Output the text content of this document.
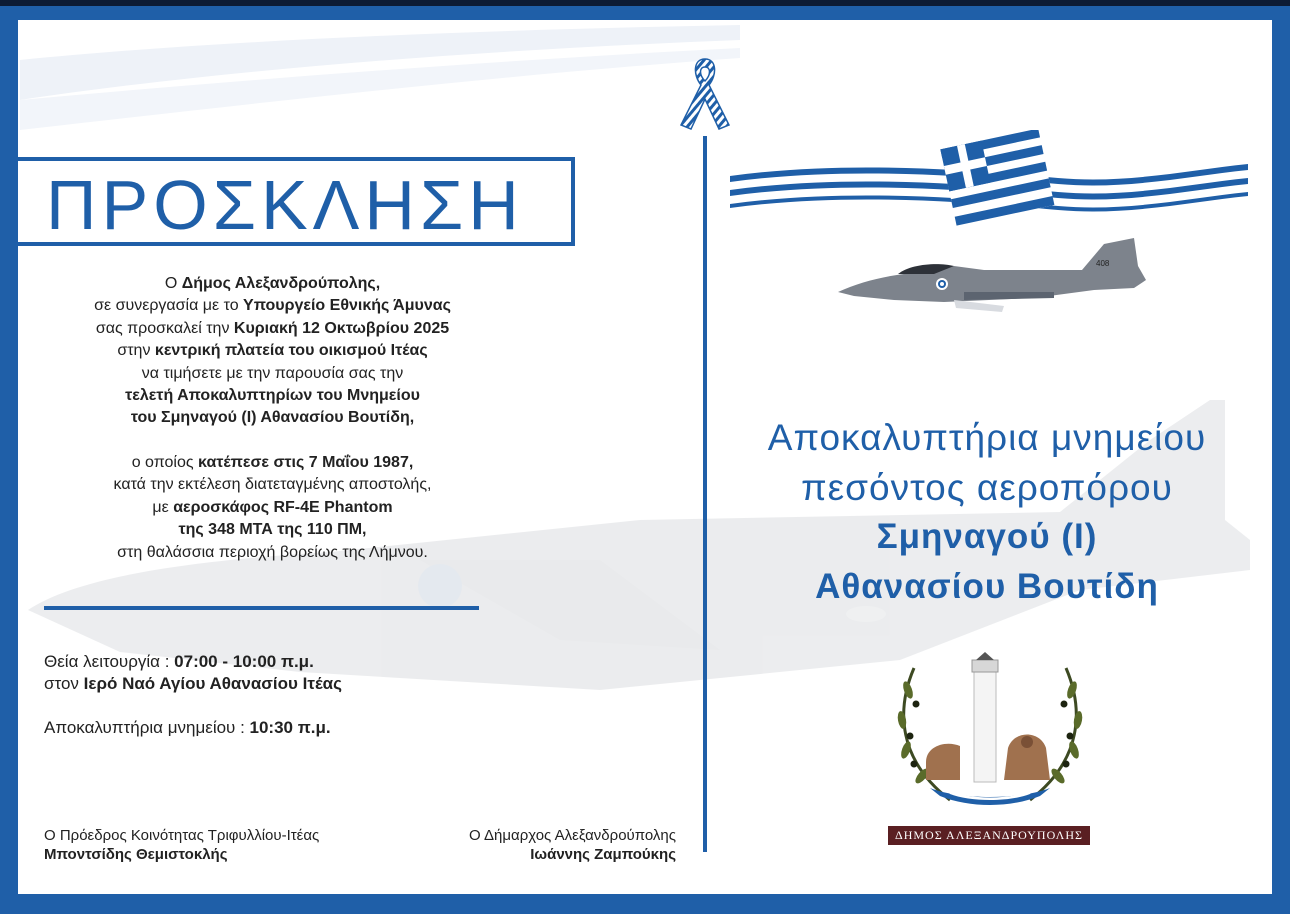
ΠΡΟΣΚΛΗΣΗ
Ο Δήμος Αλεξανδρούπολης,
σε συνεργασία με το Υπουργείο Εθνικής Άμυνας
σας προσκαλεί την Κυριακή 12 Οκτωβρίου 2025
στην κεντρική πλατεία του οικισμού Ιτέας
να τιμήσετε με την παρουσία σας την
τελετή Αποκαλυπτηρίων του Μνημείου
του Σμηναγού (Ι) Αθανασίου Βουτίδη,
ο οποίος κατέπεσε στις 7 Μαΐου 1987,
κατά την εκτέλεση διατεταγμένης αποστολής,
με αεροσκάφος RF-4E Phantom
της 348 ΜΤΑ της 110 ΠΜ,
στη θαλάσσια περιοχή βορείως της Λήμνου.
Θεία λειτουργία : 07:00 - 10:00 π.μ.
στον Ιερό Ναό Αγίου Αθανασίου Ιτέας
Αποκαλυπτήρια μνημείου : 10:30 π.μ.
Ο Πρόεδρος Κοινότητας Τριφυλλίου-Ιτέας
Μποντσίδης Θεμιστοκλής
Ο Δήμαρχος Αλεξανδρούπολης
Ιωάννης Ζαμπούκης
408
Αποκαλυπτήρια μνημείου
πεσόντος αεροπόρου
Σμηναγού (Ι)
Αθανασίου Βουτίδη
ΔΗΜΟΣ ΑΛΕΞΑΝΔΡΟΥΠΟΛΗΣ
